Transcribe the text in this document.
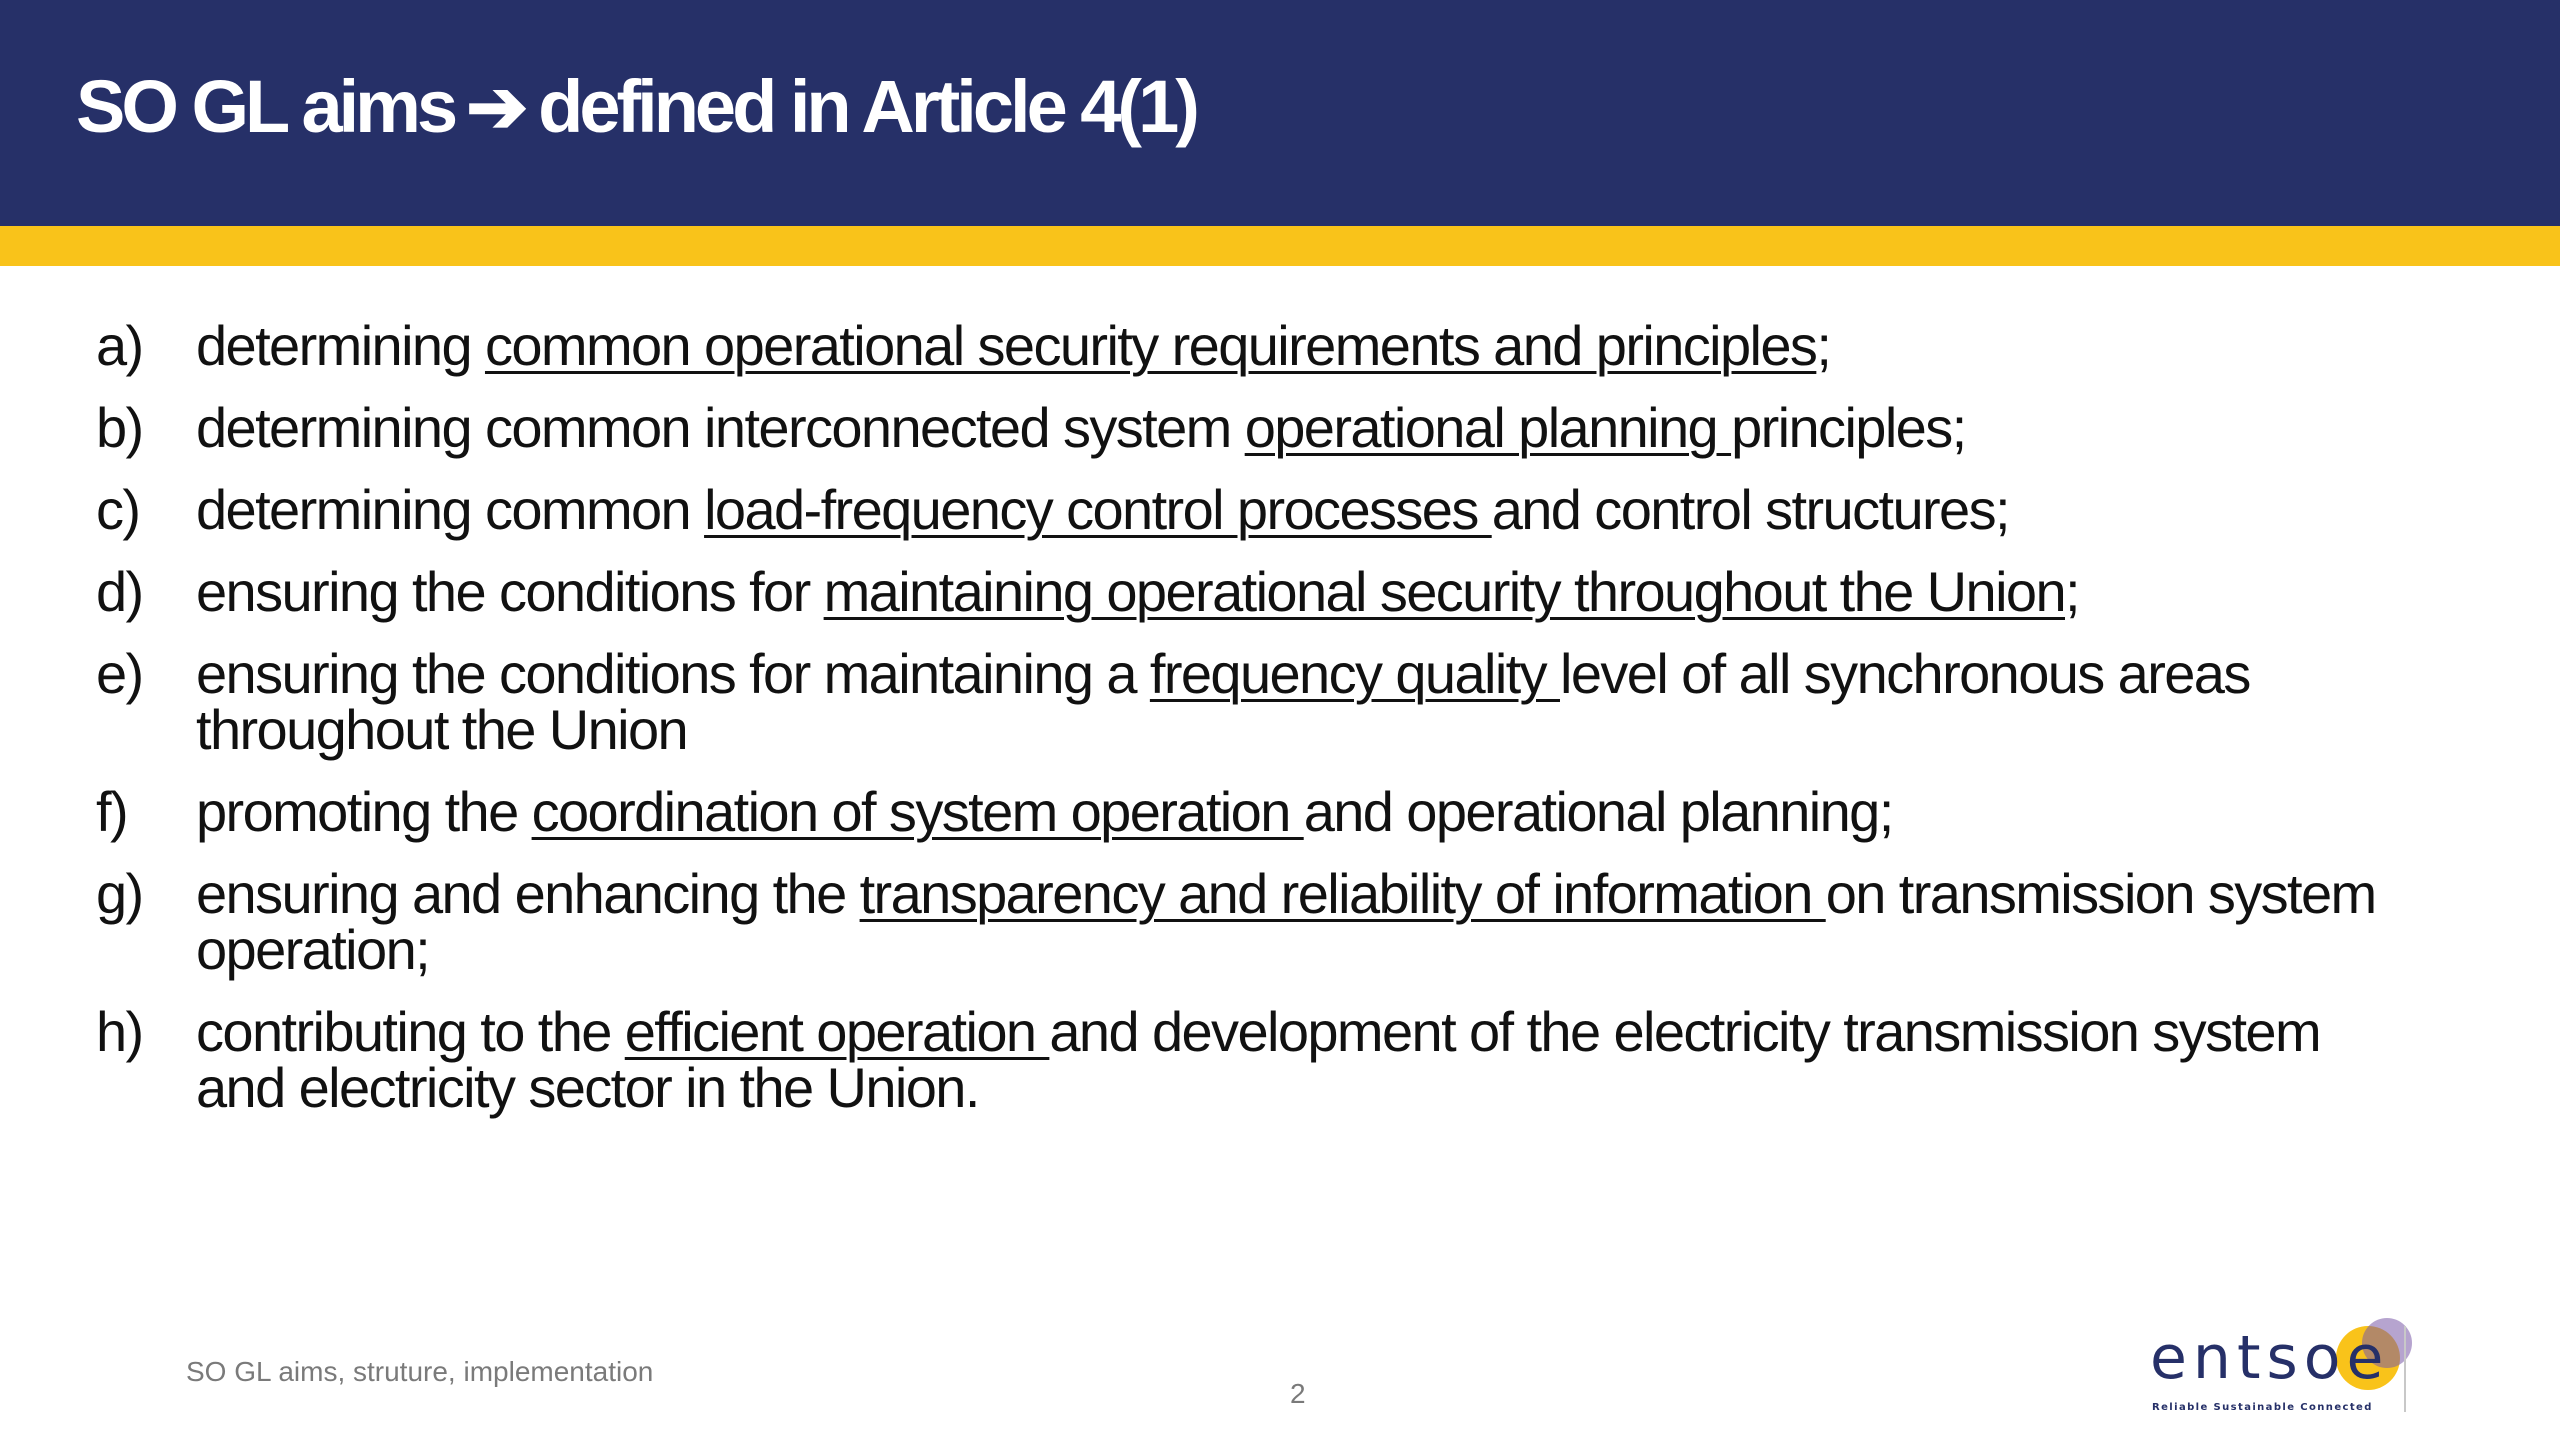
SO GL aims ➔ defined in Article 4(1)
a) determining common operational security requirements and principles;
b) determining common interconnected system operational planning principles;
c) determining common load-frequency control processes and control structures;
d) ensuring the conditions for maintaining operational security throughout the Union;
e) ensuring the conditions for maintaining a frequency quality level of all synchronous areas throughout the Union
f) promoting the coordination of system operation and operational planning;
g) ensuring and enhancing the transparency and reliability of information on transmission system operation;
h) contributing to the efficient operation and development of the electricity transmission system and electricity sector in the Union.
SO GL aims, struture, implementation
2
entsoe
Reliable Sustainable Connected
